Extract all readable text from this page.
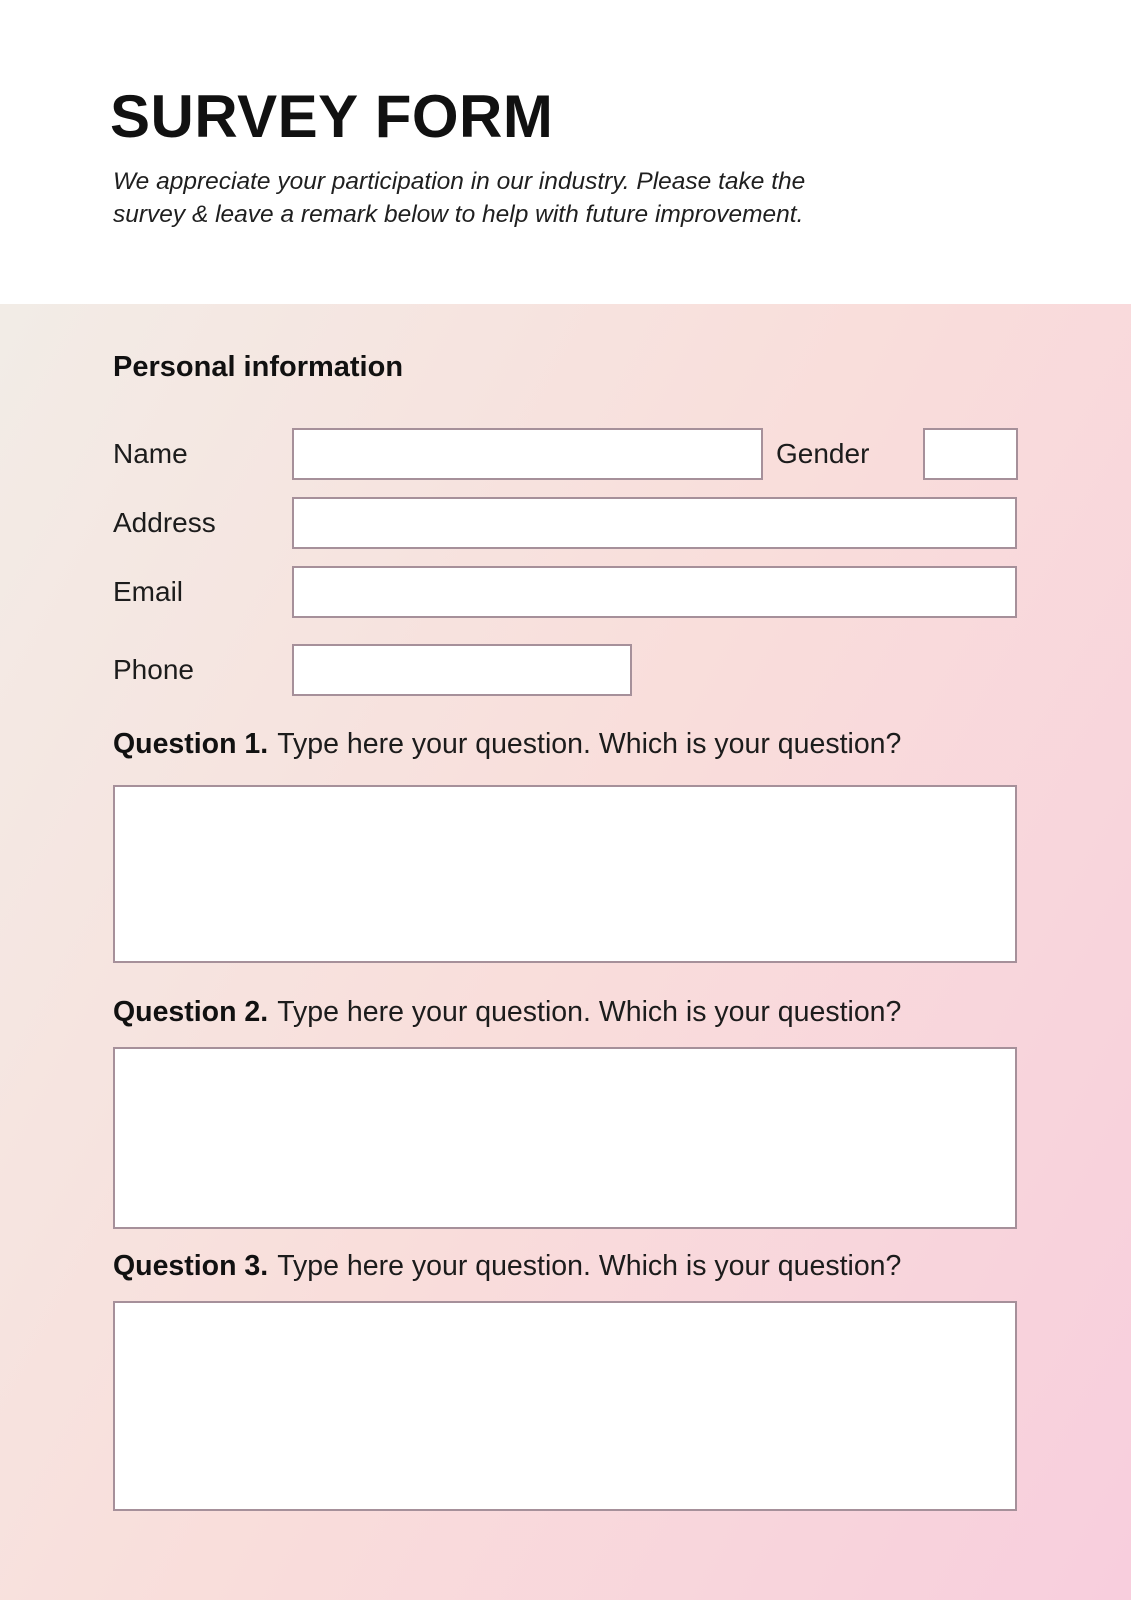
SURVEY FORM

We appreciate your participation in our industry. Please take the
survey & leave a remark below to help with future improvement.

Personal information
Name	Gender
Address
Email
Phone
Question 1. Type here your question. Which is your question?
Question 2. Type here your question. Which is your question?
Question 3. Type here your question. Which is your question?
